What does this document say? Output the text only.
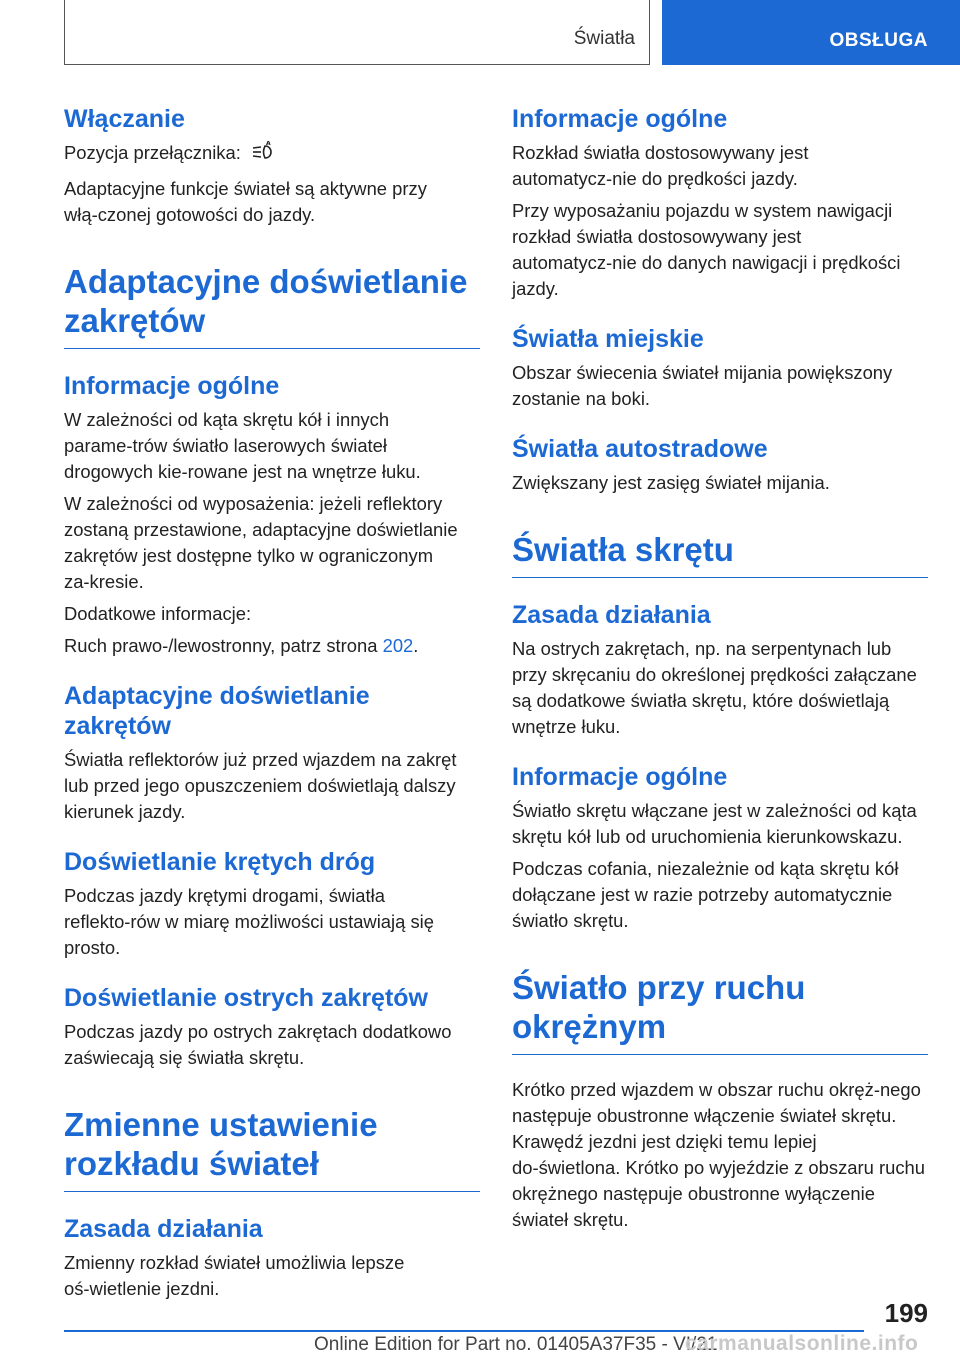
Światła	OBSŁUGA
Włączanie

Pozycja przełącznika:	A

Adaptacyjne funkcje świateł są aktywne przy włą‑czonej gotowości do jazdy.

Adaptacyjne doświetlanie zakrętów
Informacje ogólne

W zależności od kąta skrętu kół i innych parame‑trów światło laserowych świateł drogowych kie‑rowane jest na wnętrze łuku.

W zależności od wyposażenia: jeżeli reflektory zostaną przestawione, adaptacyjne doświetlanie zakrętów jest dostępne tylko w ograniczonym za‑kresie.

Dodatkowe informacje:

Ruch prawo-/lewostronny, patrz strona 202.

Adaptacyjne doświetlanie zakrętów

Światła reflektorów już przed wjazdem na zakręt lub przed jego opuszczeniem doświetlają dalszy kierunek jazdy.

Doświetlanie krętych dróg

Podczas jazdy krętymi drogami, światła reflekto‑rów w miarę możliwości ustawiają się prosto.

Doświetlanie ostrych zakrętów

Podczas jazdy po ostrych zakrętach dodatkowo zaświecają się światła skrętu.

Zmienne ustawienie rozkładu świateł
Zasada działania

Zmienny rozkład świateł umożliwia lepsze oś‑wietlenie jezdni.

Informacje ogólne

Rozkład światła dostosowywany jest automatycz‑nie do prędkości jazdy.

Przy wyposażaniu pojazdu w system nawigacji rozkład światła dostosowywany jest automatycz‑nie do danych nawigacji i prędkości jazdy.

Światła miejskie

Obszar świecenia świateł mijania powiększony zostanie na boki.

Światła autostradowe

Zwiększany jest zasięg świateł mijania.

Światła skrętu
Zasada działania

Na ostrych zakrętach, np. na serpentynach lub przy skręcaniu do określonej prędkości załączane są dodatkowe światła skrętu, które doświetlają wnętrze łuku.

Informacje ogólne

Światło skrętu włączane jest w zależności od kąta skrętu kół lub od uruchomienia kierunkowskazu.

Podczas cofania, niezależnie od kąta skrętu kół dołączane jest w razie potrzeby automatycznie światło skrętu.

Światło przy ruchu okrężnym

Krótko przed wjazdem w obszar ruchu okręż‑nego następuje obustronne włączenie świateł skrętu. Krawędź jezdni jest dzięki temu lepiej do‑świetlona. Krótko po wyjeździe z obszaru ruchu okrężnego następuje obustronne wyłączenie świateł skrętu.

199
Online Edition for Part no. 01405A37F35 - VI/21
carmanualsonline.info
